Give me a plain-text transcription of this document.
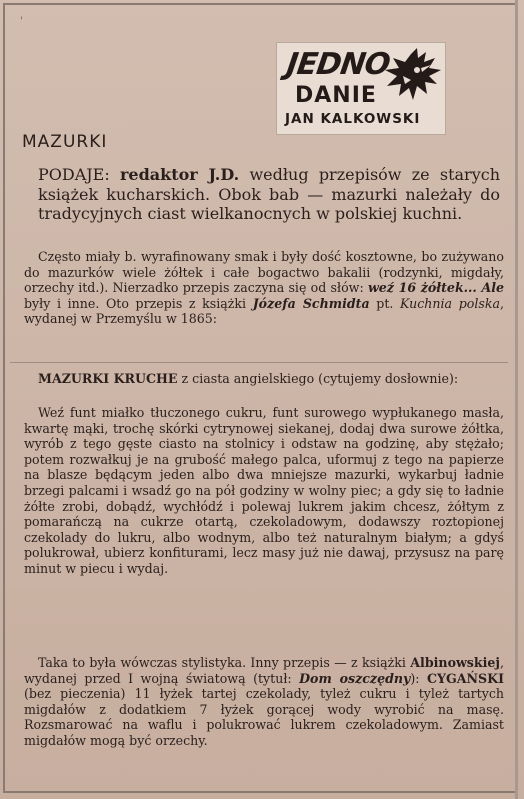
'
JEDNO
DANIE
JAN KALKOWSKI
MAZURKI
PODAJE: redaktor J.D. według przepisów ze starych książek kucharskich. Obok bab — mazurki należały do tradycyjnych ciast wielkanocnych w polskiej kuchni.
Często miały b. wyrafinowany smak i były dość kosztowne, bo zużywano do mazurków wiele żółtek i całe bogactwo bakalii (rodzynki, migdały, orzechy itd.). Nierzadko przepis zaczyna się od słów: weź 16 żółtek... Ale były i inne. Oto przepis z książki Józefa Schmidta pt. Kuchnia polska, wydanej w Przemyślu w 1865:
MAZURKI KRUCHE z ciasta angielskiego (cytujemy dosłownie):
Weź funt miałko tłuczonego cukru, funt surowego wypłukanego masła, kwartę mąki, trochę skórki cytrynowej siekanej, dodaj dwa surowe żółtka, wyrób z tego gęste ciasto na stolnicy i odstaw na godzinę, aby stężało; potem rozwałkuj je na grubość małego palca, uformuj z tego na papierze na blasze będącym jeden albo dwa mniejsze mazurki, wykarbuj ładnie brzegi palcami i wsadź go na pół godziny w wolny piec; a gdy się to ładnie żółte zrobi, dobądź, wychłódź i polewaj lukrem jakim chcesz, żółtym z pomarańczą na cukrze otartą, czekoladowym, dodawszy roztopionej czekolady do lukru, albo wodnym, albo też naturalnym białym; a gdyś polukrował, ubierz konfiturami, lecz masy już nie dawaj, przysusz na parę minut w piecu i wydaj.
Taka to była wówczas stylistyka. Inny przepis — z książki Albinowskiej, wydanej przed I wojną światową (tytuł: Dom oszczędny): CYGAŃSKI (bez pieczenia) 11 łyżek tartej czekolady, tyleż cukru i tyleż tartych migdałów z dodatkiem 7 łyżek gorącej wody wyrobić na masę. Rozsmarować na waflu i polukrować lukrem czekoladowym. Zamiast migdałów mogą być orzechy.
